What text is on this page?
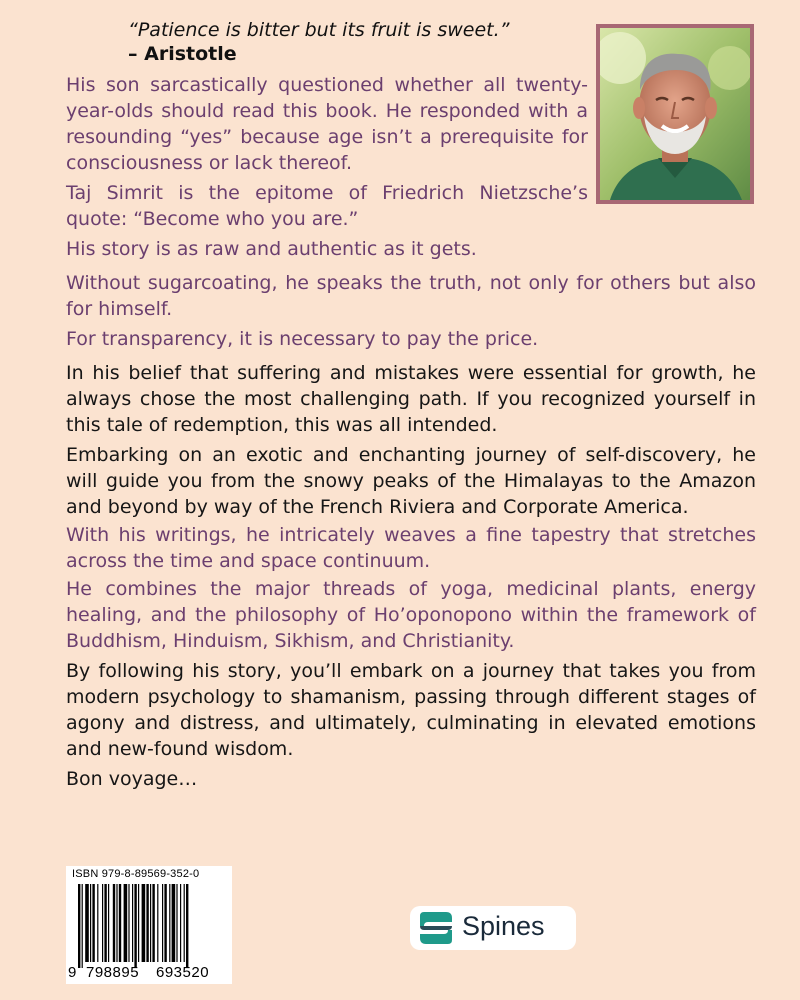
“Patience is bitter but its fruit is sweet.”
– Aristotle

His son sarcastically questioned whether all twenty-year-olds should read this book. He responded with a resounding “yes” because age isn’t a prerequisite for consciousness or lack thereof.

Taj Simrit is the epitome of Friedrich Nietzsche’s quote: “Become who you are.”

His story is as raw and authentic as it gets.

Without sugarcoating, he speaks the truth, not only for others but also for himself.

For transparency, it is necessary to pay the price.

In his belief that suffering and mistakes were essential for growth, he always chose the most challenging path. If you recognized yourself in this tale of redemption, this was all intended.

Embarking on an exotic and enchanting journey of self-discovery, he will guide you from the snowy peaks of the Himalayas to the Amazon and beyond by way of the French Riviera and Corporate America.

With his writings, he intricately weaves a fine tapestry that stretches across the time and space continuum.

He combines the major threads of yoga, medicinal plants, energy healing, and the philosophy of Ho’oponopono within the framework of Buddhism, Hinduism, Sikhism, and Christianity.

By following his story, you’ll embark on a journey that takes you from modern psychology to shamanism, passing through different stages of agony and distress, and ultimately, culminating in elevated emotions and new-found wisdom.

Bon voyage…

ISBN 979-8-89569-352-0
9 798895 693520
Spines
